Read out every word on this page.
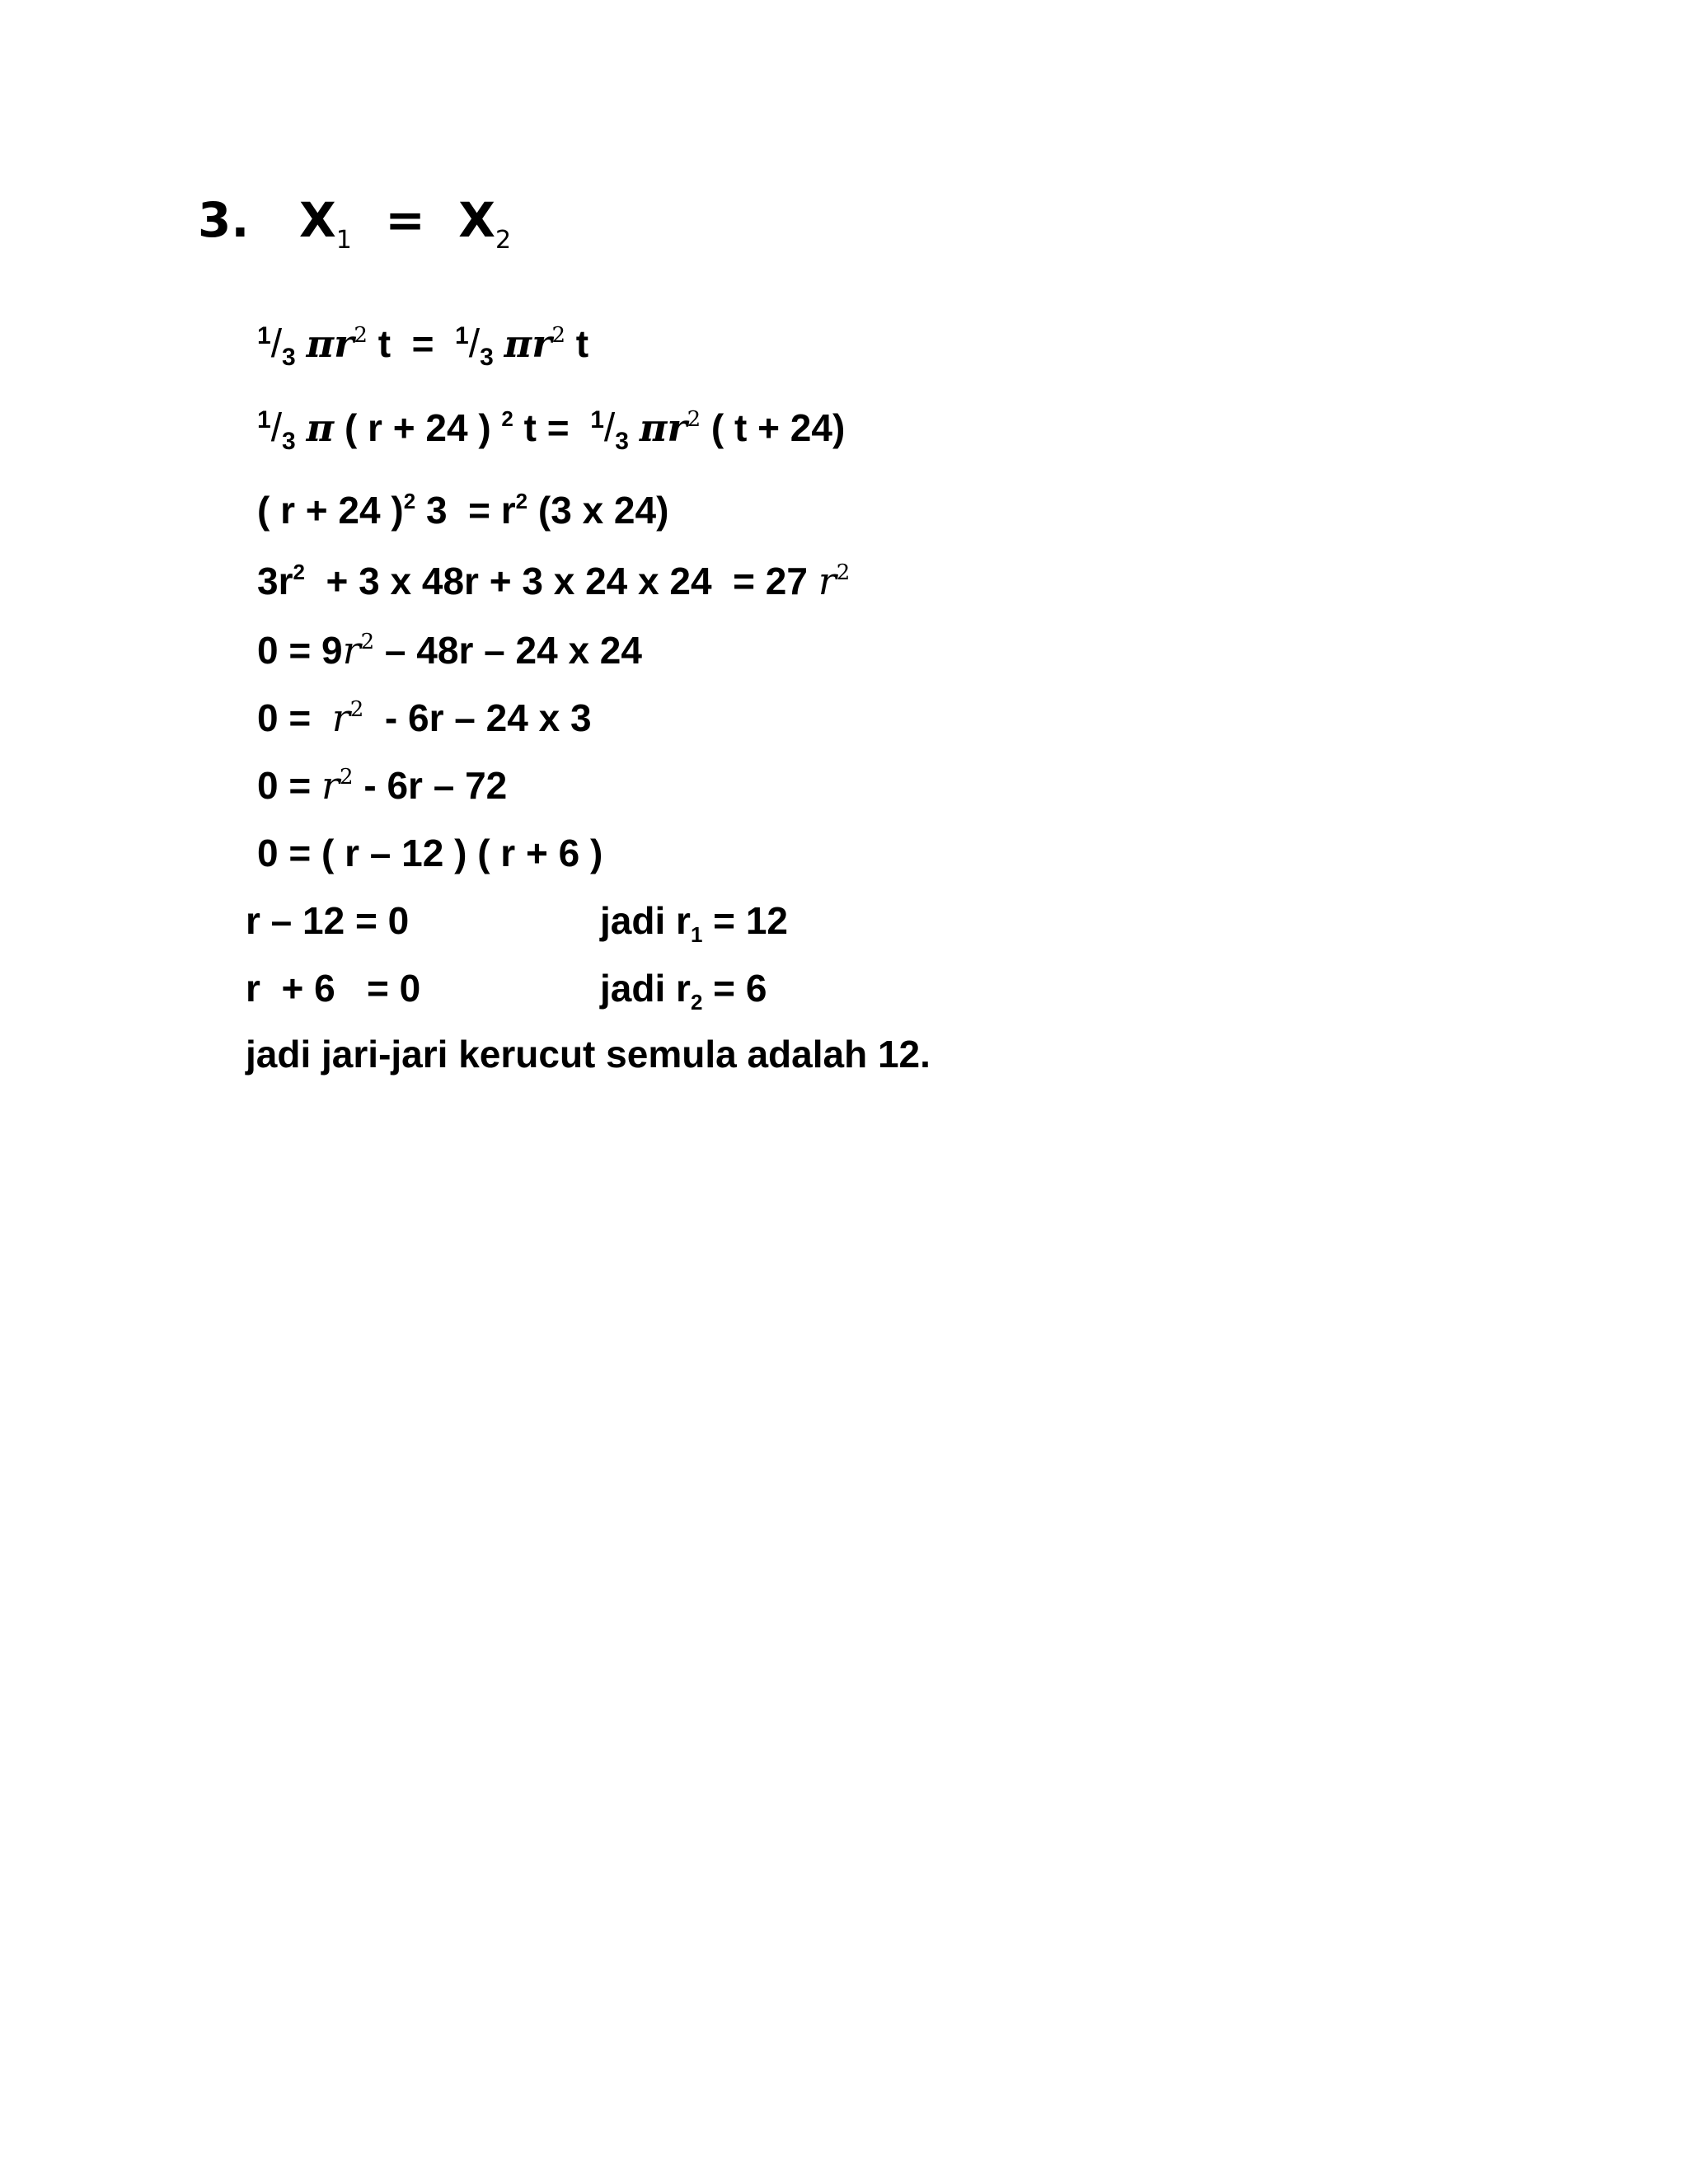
3. $X_1 = X_2$
$^1/_3$ $\pi r^2$ $t = ^1/_3$ $\pi r^2$ t
$^1/_3$ π ( r + 24 ) $^2$ $t = ^1/_3$ $\pi r^2$ ( t + 24)
( r + 24 )$^2$ $3 = r^2$ (3 x 24)
$3r^2 + 3$ x 48r + 3 x 24 x 24  = 27 $r^2$
$0 = 9r^2 - 48r - 24$ x 24
$0 = r^2 - 6r - 24$ x 3
$0 = r^2 - 6r - 72$
0 = ( r – 12 ) ( r + 6 )
r – 12 = 0	jadi $r_1 = 12$
r  + 6   = 0	jadi $r_2 = 6$
jadi jari-jari kerucut semula adalah 12.
